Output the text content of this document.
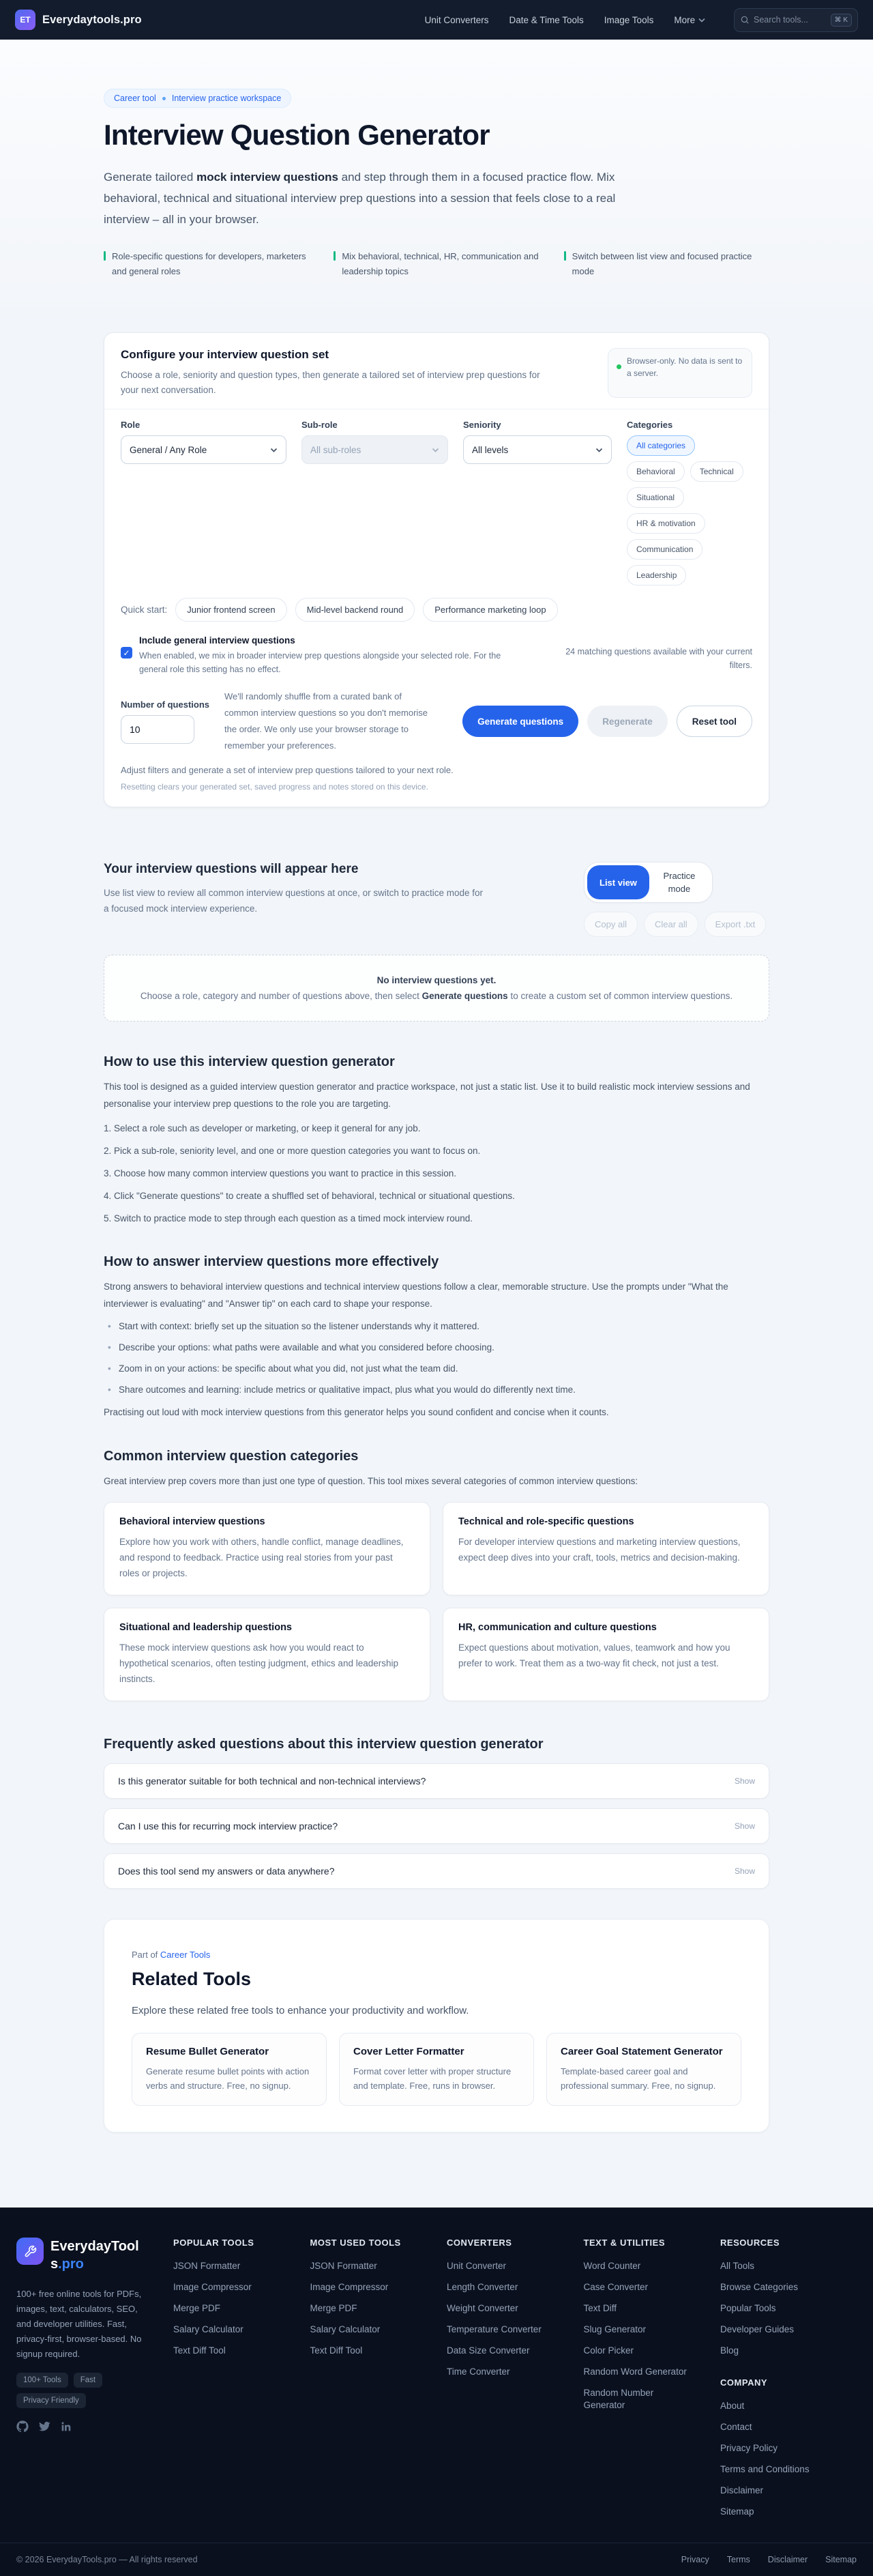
ET	Everydaytools.pro	Unit Converters Date & Time Tools Image Tools More
Search tools...	⌘ K
Career tool Interview practice workspace
Interview Question Generator

Generate tailored mock interview questions and step through them in a focused practice flow. Mix behavioral, technical and situational interview prep questions into a session that feels close to a real interview – all in your browser.

Role-specific questions for developers, marketers and general roles
Mix behavioral, technical, HR, communication and leadership topics
Switch between list view and focused practice mode
Configure your interview question set
Choose a role, seniority and question types, then generate a tailored set of interview prep questions for your next conversation.
Browser-only. No data is sent to a server.
Role
General / Any Role
Sub-role
All sub-roles
Seniority
All levels
Categories
All categories
Behavioral	Technical
Situational
HR & motivation
Communication
Leadership
Quick start:	Junior frontend screen	Mid-level backend round	Performance marketing loop
✓
Include general interview questions
When enabled, we mix in broader interview prep questions alongside your selected role. For the general role this setting has no effect.
24 matching questions available with your current filters.
Number of questions
10
We'll randomly shuffle from a curated bank of common interview questions so you don't memorise the order. We only use your browser storage to remember your preferences.
Generate questions	Regenerate	Reset tool
Adjust filters and generate a set of interview prep questions tailored to your next role.
Resetting clears your generated set, saved progress and notes stored on this device.
Your interview questions will appear here
Use list view to review all common interview questions at once, or switch to practice mode for a focused mock interview experience.
List view
Practice mode
Copy all	Clear all	Export .txt
No interview questions yet.
Choose a role, category and number of questions above, then select Generate questions to create a custom set of common interview questions.
How to use this interview question generator

This tool is designed as a guided interview question generator and practice workspace, not just a static list. Use it to build realistic mock interview sessions and personalise your interview prep questions to the role you are targeting.

1. Select a role such as developer or marketing, or keep it general for any job.
2. Pick a sub-role, seniority level, and one or more question categories you want to focus on.
3. Choose how many common interview questions you want to practice in this session.
4. Click "Generate questions" to create a shuffled set of behavioral, technical or situational questions.
5. Switch to practice mode to step through each question as a timed mock interview round.
How to answer interview questions more effectively

Strong answers to behavioral interview questions and technical interview questions follow a clear, memorable structure. Use the prompts under "What the interviewer is evaluating" and "Answer tip" on each card to shape your response.

• Start with context: briefly set up the situation so the listener understands why it mattered.
• Describe your options: what paths were available and what you considered before choosing.
• Zoom in on your actions: be specific about what you did, not just what the team did.
• Share outcomes and learning: include metrics or qualitative impact, plus what you would do differently next time.

Practising out loud with mock interview questions from this generator helps you sound confident and concise when it counts.

Common interview question categories

Great interview prep covers more than just one type of question. This tool mixes several categories of common interview questions:

Behavioral interview questions

Explore how you work with others, handle conflict, manage deadlines, and respond to feedback. Practice using real stories from your past roles or projects.

Technical and role-specific questions

For developer interview questions and marketing interview questions, expect deep dives into your craft, tools, metrics and decision-making.

Situational and leadership questions

These mock interview questions ask how you would react to hypothetical scenarios, often testing judgment, ethics and leadership instincts.

HR, communication and culture questions

Expect questions about motivation, values, teamwork and how you prefer to work. Treat them as a two-way fit check, not just a test.

Frequently asked questions about this interview question generator
Is this generator suitable for both technical and non-technical interviews?	Show
Can I use this for recurring mock interview practice?	Show
Does this tool send my answers or data anywhere?	Show
Part of Career Tools
Related Tools

Explore these related free tools to enhance your productivity and workflow.

Resume Bullet Generator

Generate resume bullet points with action verbs and structure. Free, no signup.

Cover Letter Formatter

Format cover letter with proper structure and template. Free, runs in browser.

Career Goal Statement Generator

Template-based career goal and professional summary. Free, no signup.

EverydayTools.pro

100+ free online tools for PDFs, images, text, calculators, SEO, and developer utilities. Fast, privacy-first, browser-based. No signup required.

100+ Tools	Fast
Privacy Friendly
POPULAR TOOLS
JSON Formatter
Image Compressor
Merge PDF
Salary Calculator
Text Diff Tool
MOST USED TOOLS
JSON Formatter
Image Compressor
Merge PDF
Salary Calculator
Text Diff Tool
CONVERTERS
Unit Converter
Length Converter
Weight Converter
Temperature Converter
Data Size Converter
Time Converter
TEXT & UTILITIES
Word Counter
Case Converter
Text Diff
Slug Generator
Color Picker
Random Word Generator
Random Number Generator
RESOURCES
All Tools
Browse Categories
Popular Tools
Developer Guides
Blog
COMPANY
About
Contact
Privacy Policy
Terms and Conditions
Disclaimer
Sitemap
© 2026 EverydayTools.pro — All rights reserved	Privacy Terms Disclaimer Sitemap
